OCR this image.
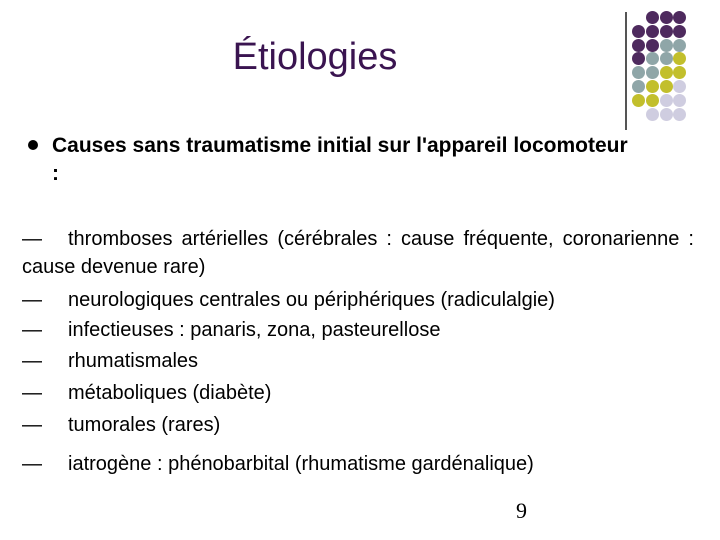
Étiologies
Causes sans traumatisme initial sur l'appareil locomoteur :
—	thromboses artérielles (cérébrales : cause fréquente, coronarienne : cause devenue rare)
— neurologiques centrales ou périphériques (radiculalgie)
— infectieuses : panaris, zona, pasteurellose
— rhumatismales
— métaboliques (diabète)
— tumorales (rares)
— iatrogène : phénobarbital (rhumatisme gardénalique)
9
